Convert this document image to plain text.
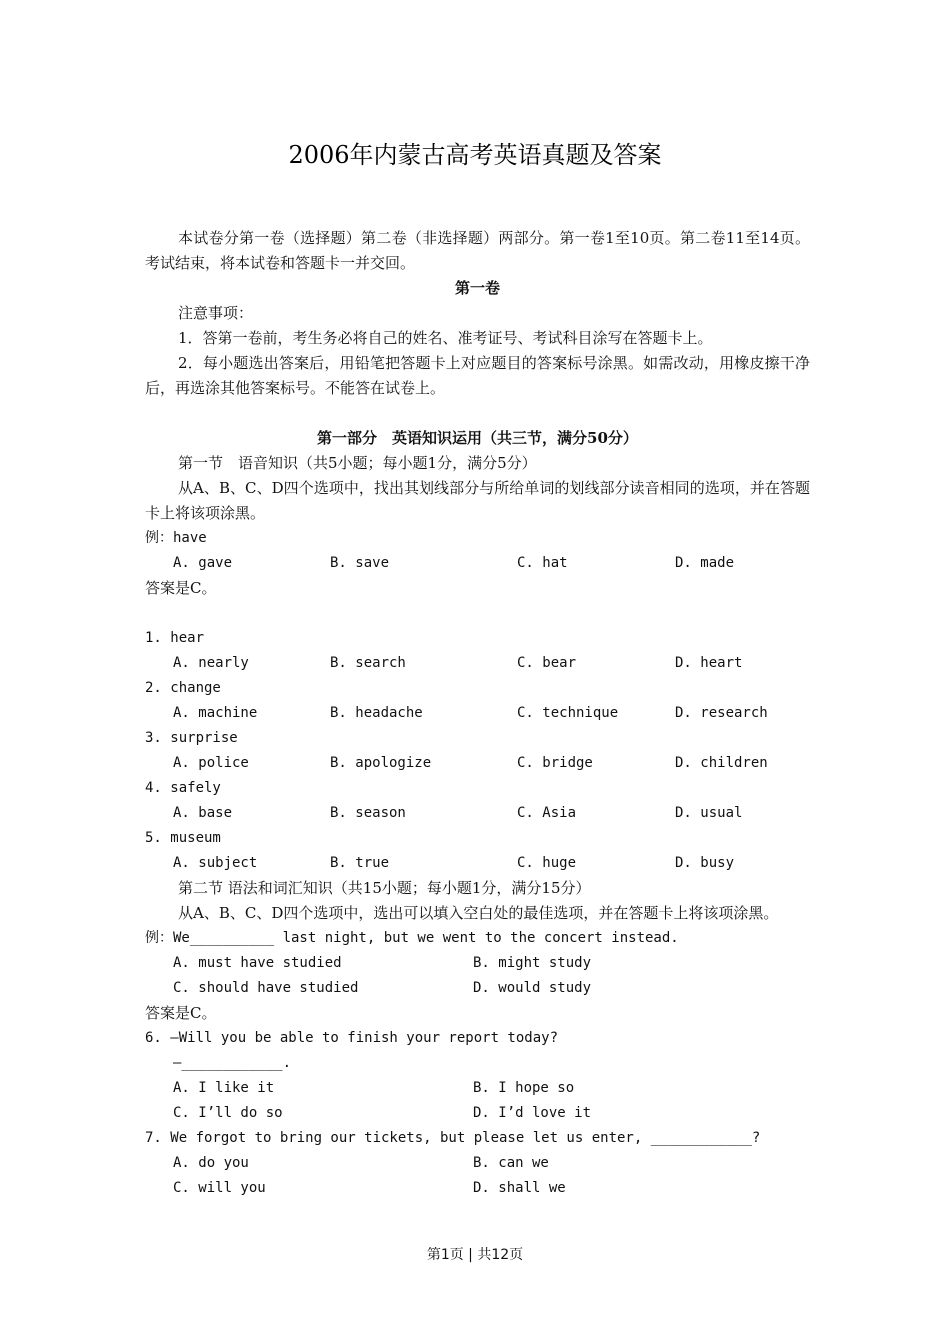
2006年内蒙古高考英语真题及答案
本试卷分第一卷（选择题）第二卷（非选择题）两部分。第一卷1至10页。第二卷11至14页。考试结束，将本试卷和答题卡一并交回。
第一卷
注意事项：
1．答第一卷前，考生务必将自己的姓名、准考证号、考试科目涂写在答题卡上。
2．每小题选出答案后，用铅笔把答题卡上对应题目的答案标号涂黑。如需改动，用橡皮擦干净后，再选涂其他答案标号。不能答在试卷上。
第一部分　英语知识运用（共三节，满分50分）
第一节　语音知识（共5小题；每小题1分，满分5分）
从A、B、C、D四个选项中，找出其划线部分与所给单词的划线部分读音相同的选项，并在答题卡上将该项涂黑。
例：have
A. gave	B. save	C. hat	D. made
答案是C。
1. hear
A. nearly	B. search	C. bear	D. heart
2. change
A. machine	B. headache	C. technique	D. research
3. surprise
A. police	B. apologize	C. bridge	D. children
4. safely
A. base	B. season	C. Asia	D. usual
5. museum
A. subject	B. true	C. huge	D. busy
第二节 语法和词汇知识（共15小题；每小题1分，满分15分）
从A、B、C、D四个选项中，选出可以填入空白处的最佳选项，并在答题卡上将该项涂黑。
例：We__________ last night, but we went to the concert instead.
A. must have studied	B. might study
C. should have studied	D. would study
答案是C。
6. —Will you be able to finish your report today?
—____________.
A. I like it	B. I hope so
C. I’ll do so	D. I’d love it
7. We forgot to bring our tickets, but please let us enter, ____________?
A. do you	B. can we
C. will you	D. shall we
第1页 | 共12页
